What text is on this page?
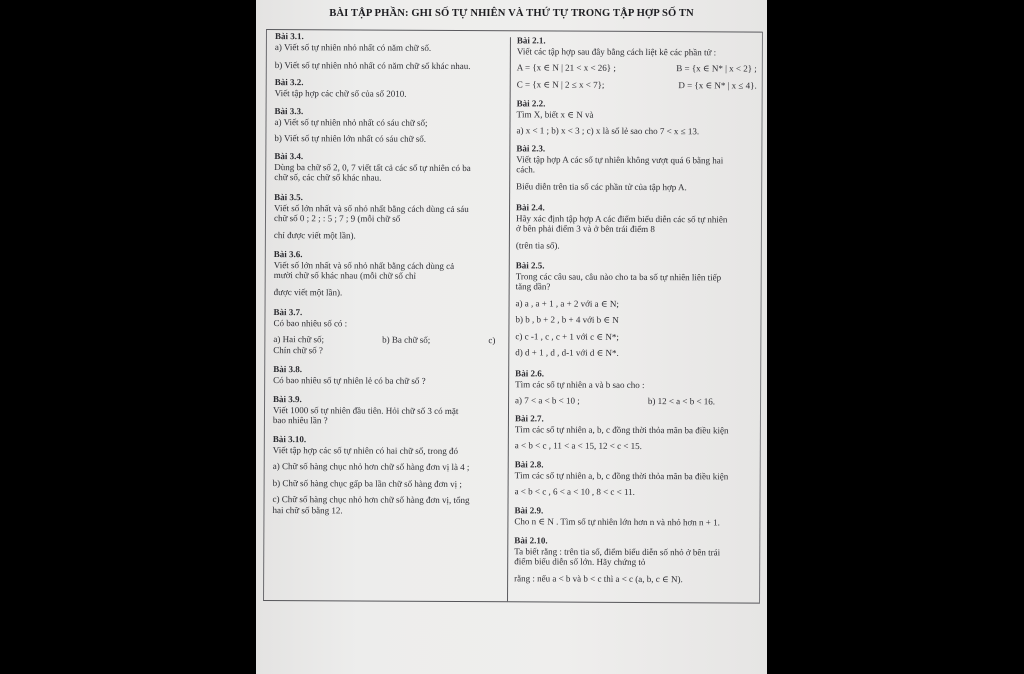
BÀI TẬP PHẦN: GHI SỐ TỰ NHIÊN VÀ THỨ TỰ TRONG TẬP HỢP SỐ TN
Bài 3.1.
a) Viết số tự nhiên nhỏ nhất có năm chữ số.
b) Viết số tự nhiên nhỏ nhất có năm chữ số khác nhau.
Bài 3.2.
Viết tập hợp các chữ số của số 2010.
Bài 3.3.
a) Viết số tự nhiên nhỏ nhất có sáu chữ số;
b) Viết số tự nhiên lớn nhất có sáu chữ số.
Bài 3.4.
Dùng ba chữ số 2, 0, 7 viết tất cả các số tự nhiên có ba
chữ số, các chữ số khác nhau.
Bài 3.5.
Viết số lớn nhất và số nhỏ nhất bằng cách dùng cả sáu
chữ số 0 ; 2 ; : 5 ; 7 ; 9 (mỗi chữ số
chỉ được viết một lần).
Bài 3.6.
Viết số lớn nhất và số nhỏ nhất bằng cách dùng cả
mười chữ số khác nhau (mỗi chữ số chỉ
được viết một lần).
Bài 3.7.
Có bao nhiêu số có :
a) Hai chữ số;	b) Ba chữ số;	c)
Chín chữ số ?
Bài 3.8.
Có bao nhiêu số tự nhiên lẻ có ba chữ số ?
Bài 3.9.
Viết 1000 số tự nhiên đầu tiên. Hỏi chữ số 3 có mặt
bao nhiêu lần ?
Bài 3.10.
Viết tập hợp các số tự nhiên có hai chữ số, trong đó
a) Chữ số hàng chục nhỏ hơn chữ số hàng đơn vị là 4 ;
b) Chữ số hàng chục gấp ba lần chữ số hàng đơn vị ;
c) Chữ số hàng chục nhỏ hơn chữ số hàng đơn vị, tổng
hai chữ số bằng 12.
Bài 2.1.
Viết các tập hợp sau đây bằng cách liệt kê các phần tử :
A = {x ∈ N | 21 < x < 26} ;	B = {x ∈ N* | x < 2} ;
C = {x ∈ N | 2 ≤ x < 7};	D = {x ∈ N* | x ≤ 4}.
Bài 2.2.
Tìm X, biết x ∈ N và
a) x < 1 ; b) x < 3 ; c) x là số lẻ sao cho 7 < x ≤ 13.
Bài 2.3.
Viết tập hợp A các số tự nhiên không vượt quá 6 bằng hai
cách.
Biểu diễn trên tia số các phần tử của tập hợp A.
Bài 2.4.
Hãy xác định tập hợp A các điểm biểu diễn các số tự nhiên
ở bên phải điểm 3 và ở bên trái điểm 8
(trên tia số).
Bài 2.5.
Trong các câu sau, câu nào cho ta ba số tự nhiên liên tiếp
tăng dần?
a) a , a + 1 , a + 2 với a ∈ N;
b) b , b + 2 , b + 4 với b ∈ N
c) c -1 , c , c + 1 với c ∈ N*;
d) d + 1 , d , d-1 với d ∈ N*.
Bài 2.6.
Tìm các số tự nhiên a và b sao cho :
a) 7 < a < b < 10 ;	b) 12 < a < b < 16.
Bài 2.7.
Tìm các số tự nhiên a, b, c đồng thời thỏa mãn ba điều kiện
a < b < c , 11 < a < 15, 12 < c < 15.
Bài 2.8.
Tìm các số tự nhiên a, b, c đồng thời thỏa mãn ba điều kiện
a < b < c , 6 < a < 10 , 8 < c < 11.
Bài 2.9.
Cho n ∈ N . Tìm số tự nhiên lớn hơn n và nhỏ hơn n + 1.
Bài 2.10.
Ta biết rằng : trên tia số, điểm biểu diễn số nhỏ ở bên trái
điểm biểu diễn số lớn. Hãy chứng tỏ
rằng : nếu a < b và b < c thì a < c (a, b, c ∈ N).
